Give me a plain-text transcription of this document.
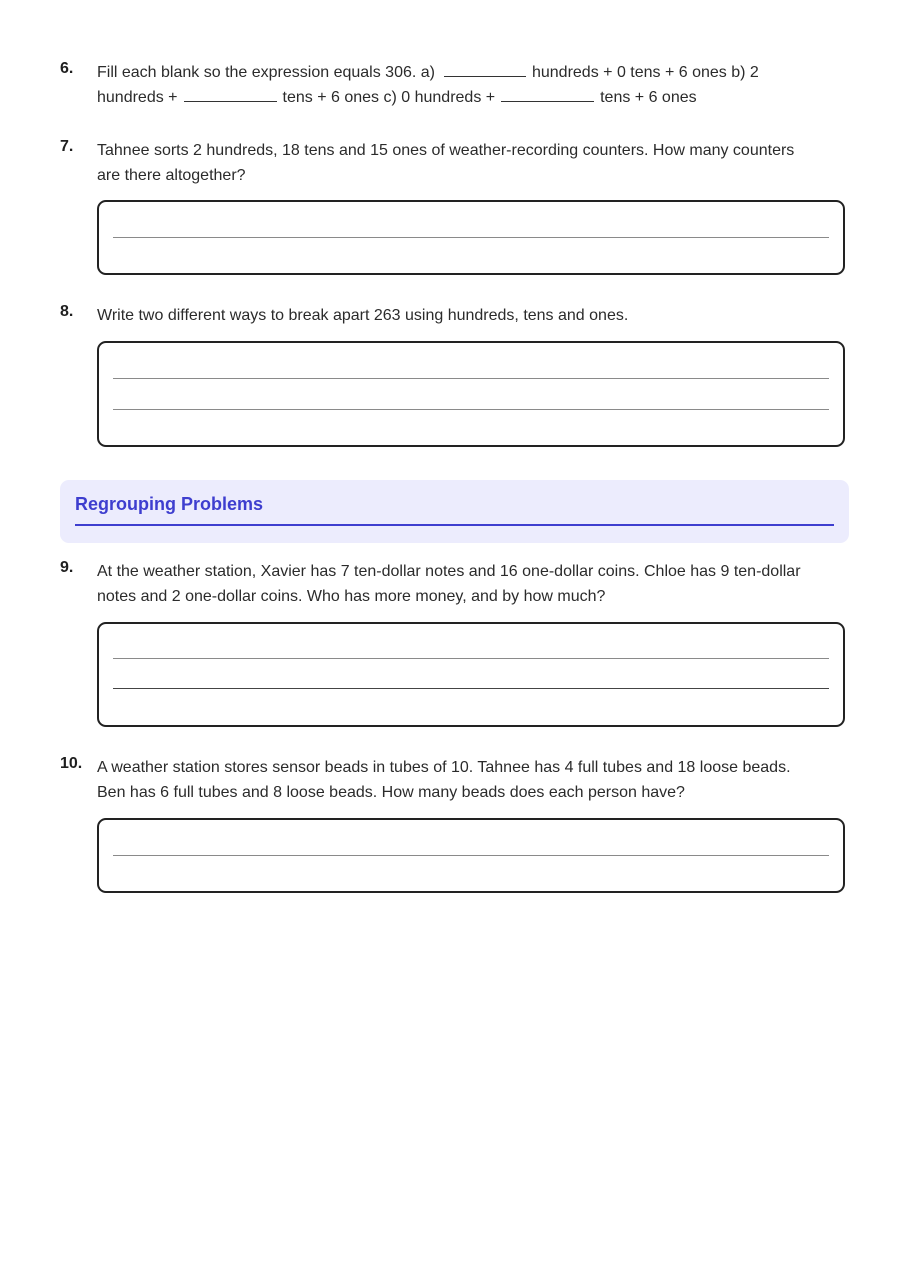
6. Fill each blank so the expression equals 306. a)	hundreds + 0 tens + 6 ones b) 2
hundreds +	tens + 6 ones c) 0 hundreds +	tens + 6 ones
7. Tahnee sorts 2 hundreds, 18 tens and 15 ones of weather-recording counters. How many counters are there altogether?
8. Write two different ways to break apart 263 using hundreds, tens and ones.
Regrouping Problems
9. At the weather station, Xavier has 7 ten-dollar notes and 16 one-dollar coins. Chloe has 9 ten-dollar notes and 2 one-dollar coins. Who has more money, and by how much?
10. A weather station stores sensor beads in tubes of 10. Tahnee has 4 full tubes and 18 loose beads. Ben has 6 full tubes and 8 loose beads. How many beads does each person have?
